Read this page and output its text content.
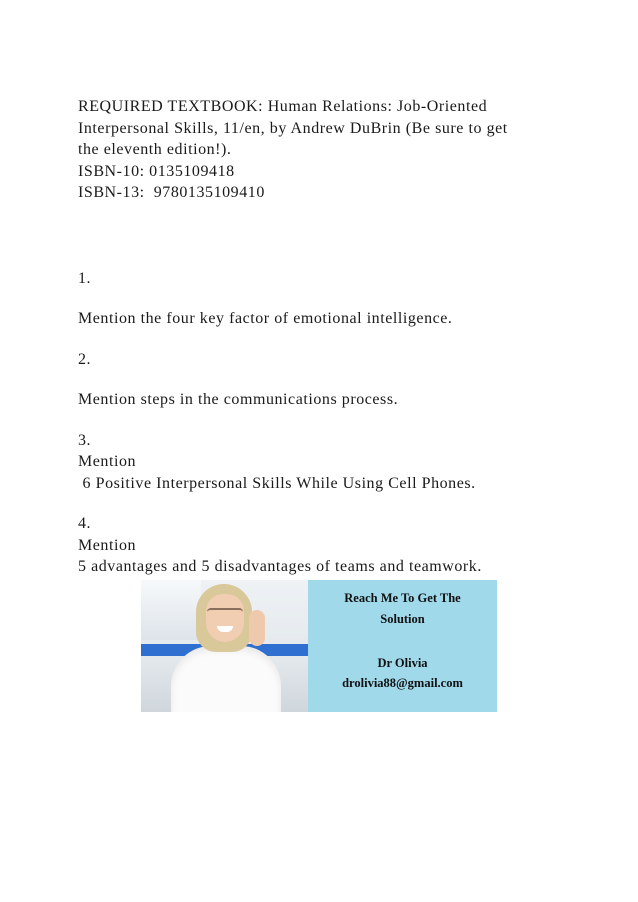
REQUIRED TEXTBOOK: Human Relations: Job-Oriented
Interpersonal Skills, 11/en, by Andrew DuBrin (Be sure to get
the eleventh edition!).
ISBN-10: 0135109418
ISBN-13:  9780135109410
1.
Mention the four key factor of emotional intelligence.
2.
Mention steps in the communications process.
3.
Mention
6 Positive Interpersonal Skills While Using Cell Phones.
4.
Mention
5 advantages and 5 disadvantages of teams and teamwork.
Reach Me To Get The
Solution
Dr Olivia
drolivia88@gmail.com
